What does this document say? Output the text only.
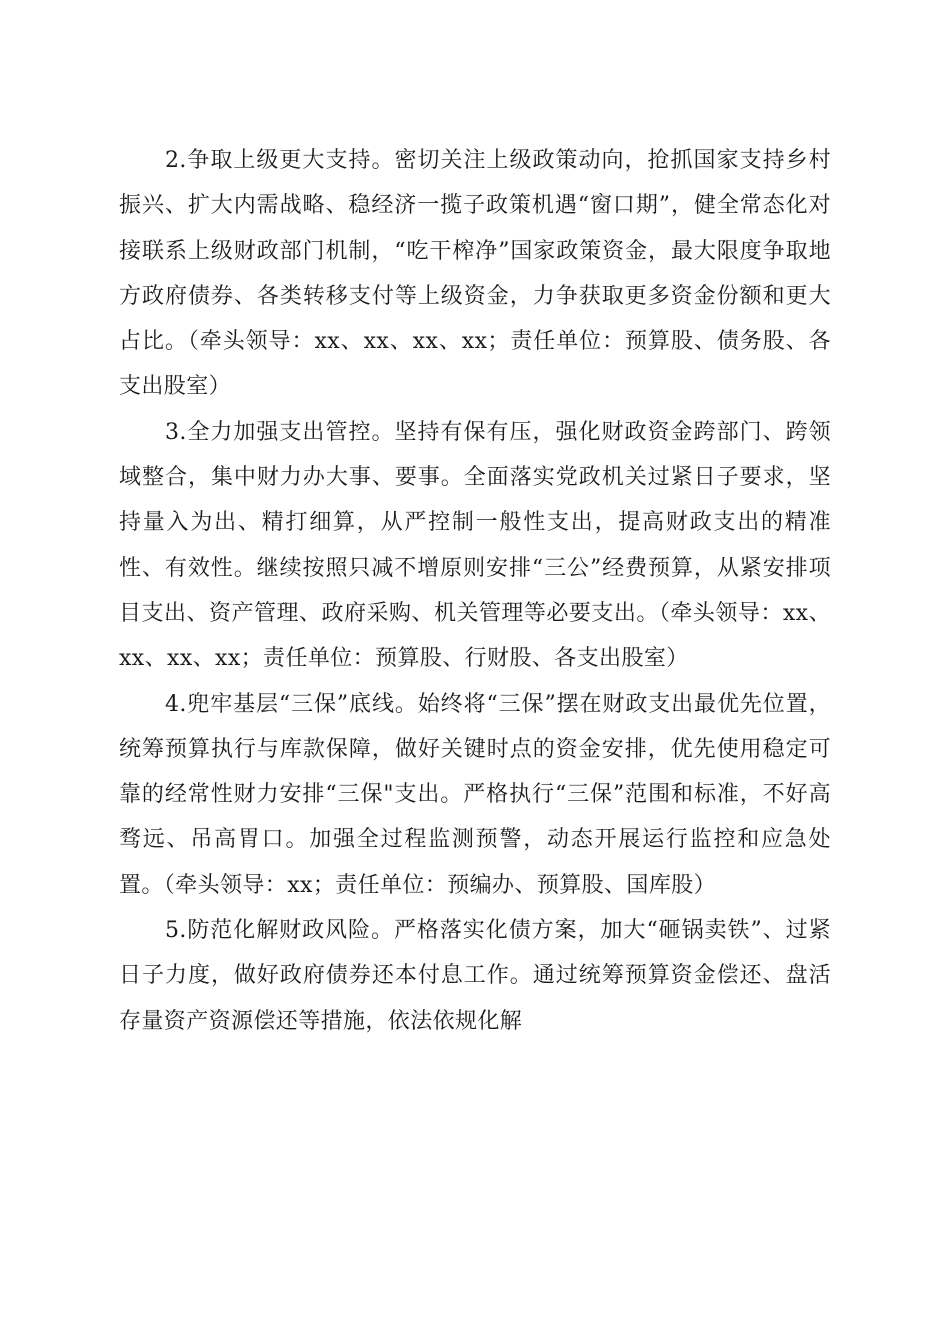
2.争取上级更大支持。密切关注上级政策动向，抢抓国家支持乡村振兴、扩大内需战略、稳经济一揽子政策机遇“窗口期”，健全常态化对接联系上级财政部门机制，“吃干榨净”国家政策资金，最大限度争取地方政府债券、各类转移支付等上级资金，力争获取更多资金份额和更大占比。（牵头领导：xx、xx、xx、xx；责任单位：预算股、债务股、各支出股室）

3.全力加强支出管控。坚持有保有压，强化财政资金跨部门、跨领域整合，集中财力办大事、要事。全面落实党政机关过紧日子要求，坚持量入为出、精打细算，从严控制一般性支出，提高财政支出的精准性、有效性。继续按照只减不增原则安排“三公”经费预算，从紧安排项目支出、资产管理、政府采购、机关管理等必要支出。（牵头领导：xx、xx、xx、xx；责任单位：预算股、行财股、各支出股室）

4.兜牢基层“三保”底线。始终将“三保”摆在财政支出最优先位置，统筹预算执行与库款保障，做好关键时点的资金安排，优先使用稳定可靠的经常性财力安排“三保"支出。严格执行“三保”范围和标准，不好高骛远、吊高胃口。加强全过程监测预警，动态开展运行监控和应急处置。（牵头领导：xx；责任单位：预编办、预算股、国库股）

5.防范化解财政风险。严格落实化债方案，加大“砸锅卖铁”、过紧日子力度，做好政府债券还本付息工作。通过统筹预算资金偿还、盘活存量资产资源偿还等措施，依法依规化解
